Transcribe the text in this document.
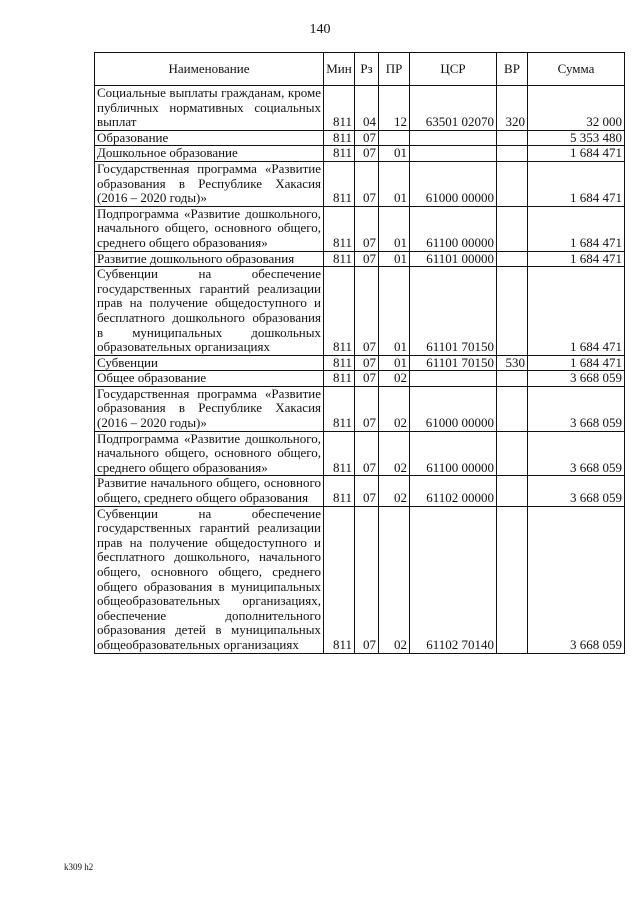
140
Наименование	Мин	Рз	ПР	ЦСР	ВР	Сумма
Социальные выплаты гражданам, кроме публичных нормативных социальных выплат	811	04	12	63501 02070	320	32 000
Образование	811	07				5 353 480
Дошкольное образование	811	07	01			1 684 471
Государственная программа «Развитие образования в Республике Хакасия (2016 – 2020 годы)»	811	07	01	61000 00000		1 684 471
Подпрограмма «Развитие дошкольного, начального общего, основного общего, среднего общего образования»	811	07	01	61100 00000		1 684 471
Развитие дошкольного образования	811	07	01	61101 00000		1 684 471
Субвенции на обеспечение государственных гарантий реализации прав на получение общедоступного и бесплатного дошкольного образования в муниципальных дошкольных образовательных организациях	811	07	01	61101 70150		1 684 471
Субвенции	811	07	01	61101 70150	530	1 684 471
Общее образование	811	07	02			3 668 059
Государственная программа «Развитие образования в Республике Хакасия (2016 – 2020 годы)»	811	07	02	61000 00000		3 668 059
Подпрограмма «Развитие дошкольного, начального общего, основного общего, среднего общего образования»	811	07	02	61100 00000		3 668 059
Развитие начального общего, основного общего, среднего общего образования	811	07	02	61102 00000		3 668 059
Субвенции на обеспечение государственных гарантий реализации прав на получение общедоступного и бесплатного дошкольного, начального общего, основного общего, среднего общего образования в муниципальных общеобразовательных организациях, обеспечение дополнительного образования детей в муниципальных общеобразовательных организациях	811	07	02	61102 70140		3 668 059
k309 h2
